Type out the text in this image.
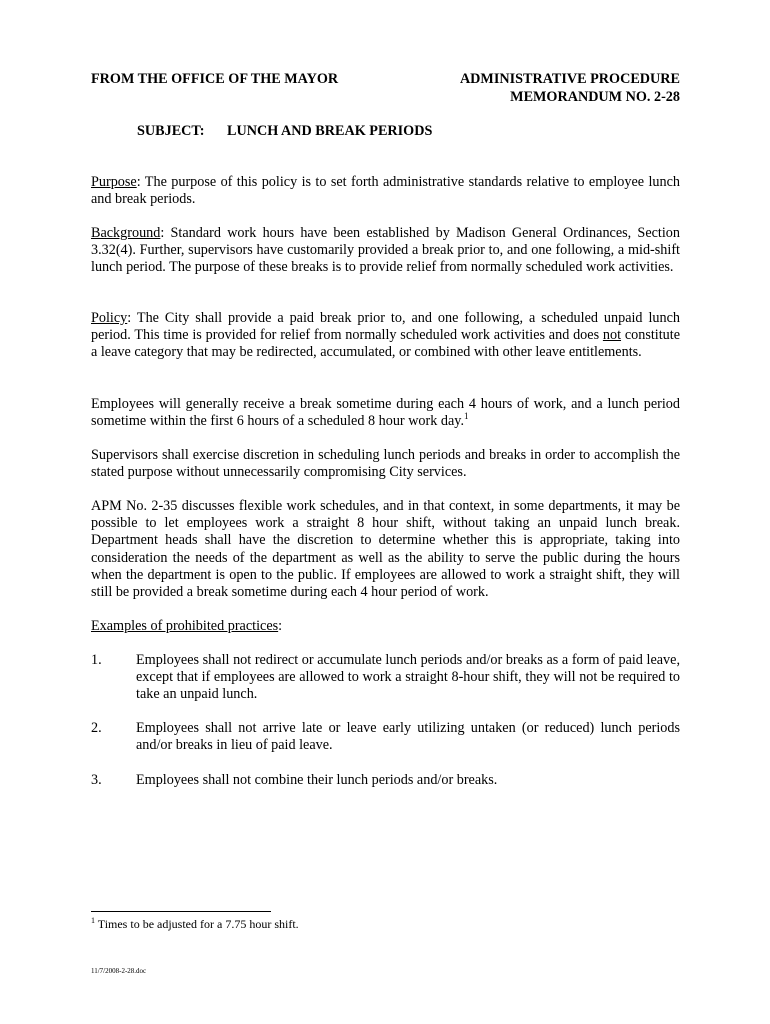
FROM THE OFFICE OF THE MAYOR	ADMINISTRATIVE PROCEDURE
MEMORANDUM NO. 2-28
SUBJECT: LUNCH AND BREAK PERIODS

Purpose: The purpose of this policy is to set forth administrative standards relative to employee lunch and break periods.

Background: Standard work hours have been established by Madison General Ordinances, Section 3.32(4). Further, supervisors have customarily provided a break prior to, and one following, a mid-shift lunch period. The purpose of these breaks is to provide relief from normally scheduled work activities.

Policy: The City shall provide a paid break prior to, and one following, a scheduled unpaid lunch period. This time is provided for relief from normally scheduled work activities and does not constitute a leave category that may be redirected, accumulated, or combined with other leave entitlements.

Employees will generally receive a break sometime during each 4 hours of work, and a lunch period sometime within the first 6 hours of a scheduled 8 hour work day.$^1$

Supervisors shall exercise discretion in scheduling lunch periods and breaks in order to accomplish the stated purpose without unnecessarily compromising City services.

APM No. 2-35 discusses flexible work schedules, and in that context, in some departments, it may be possible to let employees work a straight 8 hour shift, without taking an unpaid lunch break. Department heads shall have the discretion to determine whether this is appropriate, taking into consideration the needs of the department as well as the ability to serve the public during the hours when the department is open to the public. If employees are allowed to work a straight shift, they will still be provided a break sometime during each 4 hour period of work.

Examples of prohibited practices:

1. Employees shall not redirect or accumulate lunch periods and/or breaks as a form of paid leave, except that if employees are allowed to work a straight 8-hour shift, they will not be required to take an unpaid lunch.

2. Employees shall not arrive late or leave early utilizing untaken (or reduced) lunch periods and/or breaks in lieu of paid leave.

3. Employees shall not combine their lunch periods and/or breaks.

$^1$ Times to be adjusted for a 7.75 hour shift.
11/7/2008-2-28.doc
